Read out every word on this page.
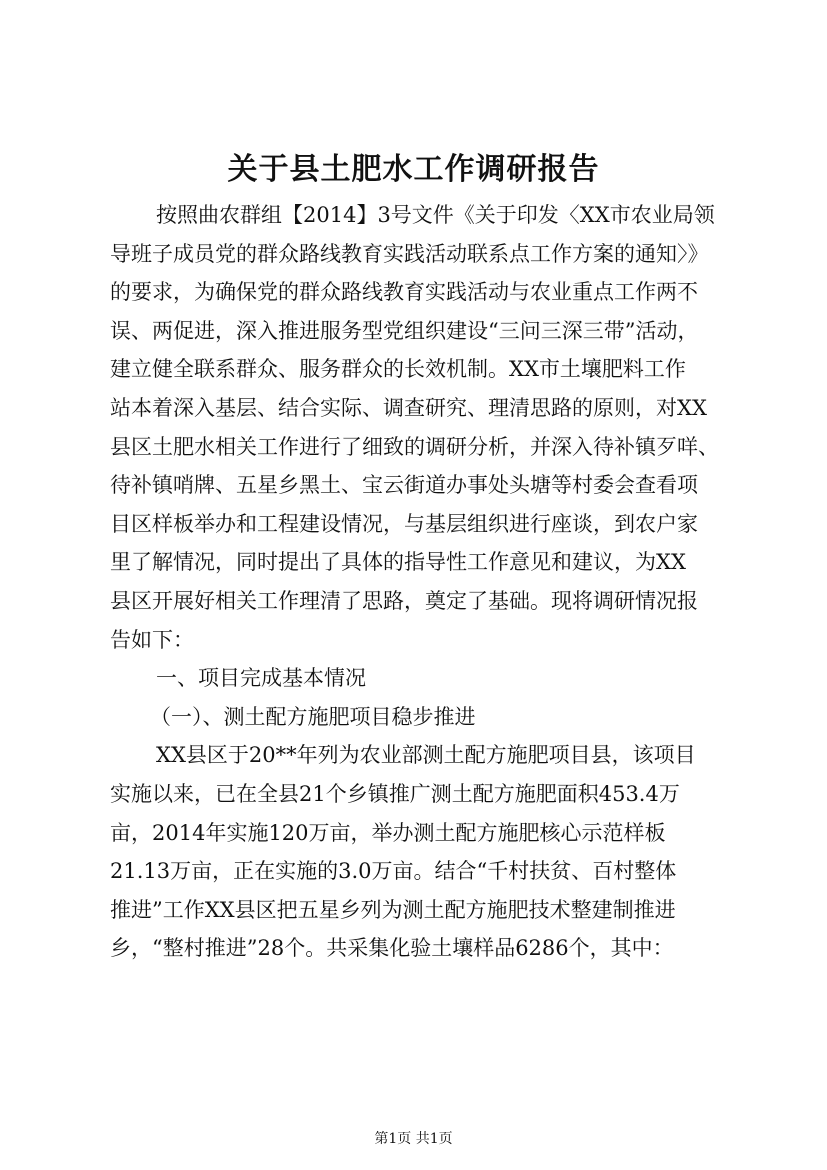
关于县土肥水工作调研报告
按照曲农群组【2014】3号文件《关于印发〈XX市农业局领
导班子成员党的群众路线教育实践活动联系点工作方案的通知〉》
的要求，为确保党的群众路线教育实践活动与农业重点工作两不
误、两促进，深入推进服务型党组织建设“三问三深三带”活动，
建立健全联系群众、服务群众的长效机制。XX市土壤肥料工作
站本着深入基层、结合实际、调查研究、理清思路的原则，对XX
县区土肥水相关工作进行了细致的调研分析，并深入待补镇歹咩、
待补镇哨牌、五星乡黑土、宝云街道办事处头塘等村委会查看项
目区样板举办和工程建设情况，与基层组织进行座谈，到农户家
里了解情况，同时提出了具体的指导性工作意见和建议，为XX
县区开展好相关工作理清了思路，奠定了基础。现将调研情况报
告如下：
一、项目完成基本情况
（一）、测土配方施肥项目稳步推进
XX县区于20**年列为农业部测土配方施肥项目县，该项目
实施以来，已在全县21个乡镇推广测土配方施肥面积453.4万
亩，2014年实施120万亩，举办测土配方施肥核心示范样板
21.13万亩，正在实施的3.0万亩。结合“千村扶贫、百村整体
推进”工作XX县区把五星乡列为测土配方施肥技术整建制推进
乡，“整村推进”28个。共采集化验土壤样品6286个，其中：
第1页 共1页
